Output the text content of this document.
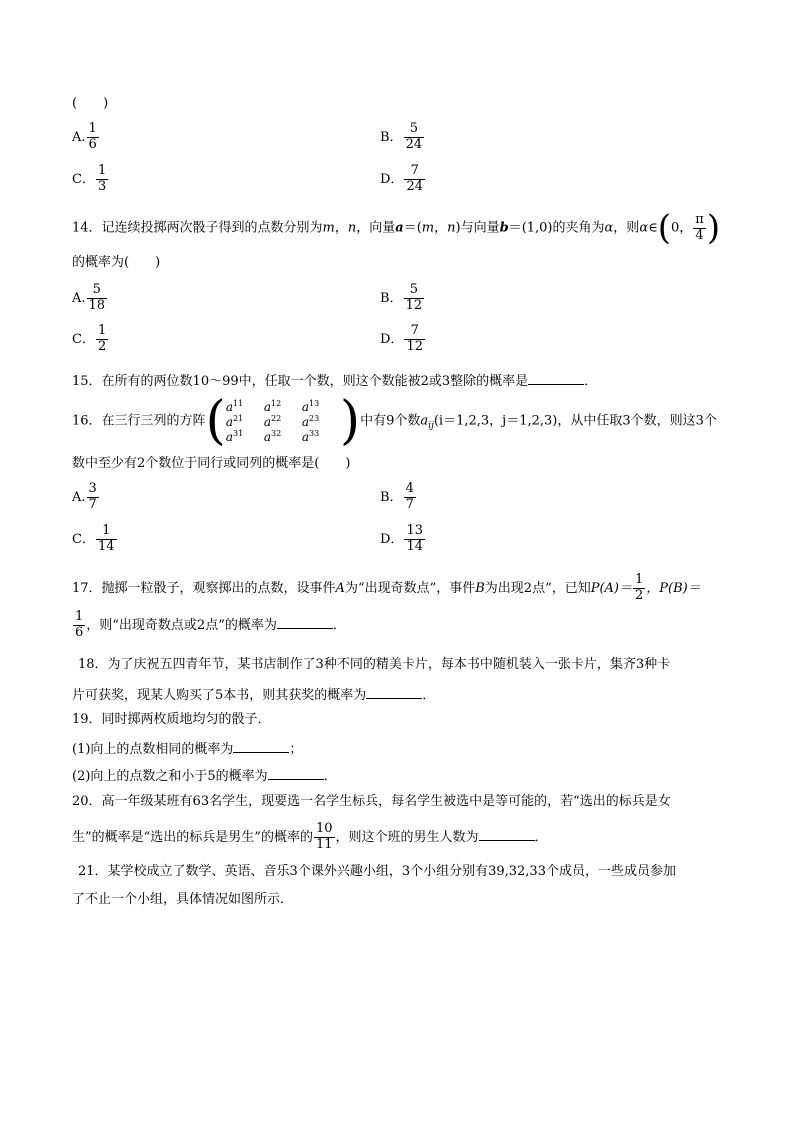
(　　)
A. $\frac{1}{6}$	B． $\frac{5}{24}$
C． $\frac{1}{3}$	D． $\frac{7}{24}$
14．记连续投掷两次骰子得到的点数分别为m，n，向量a＝(m，n)与向量b＝(1,0)的夹角为α，则α∈(0， $\frac{\pi}{4}$ )
的概率为(　　)
A. $\frac{5}{18}$	B． $\frac{5}{12}$
C． $\frac{1}{2}$	D． $\frac{7}{12}$
15．在所有的两位数10～99中，任取一个数，则这个数能被2或3整除的概率是	．
16．在三行三列的方阵 ( $a^{11}$	$a^{12}$	$a^{13}$
$a^{21}$	$a^{22}$	$a^{23}$
$a^{31}$	$a^{32}$	$a^{33}$ ) 中有9个数$a_{ij}(i=1,2,3$，j＝1,2,3)，从中任取3个数，则这3个
数中至少有2个数位于同行或同列的概率是(　　)
A. $\frac{3}{7}$	B． $\frac{4}{7}$
C． $\frac{1}{14}$	D． $\frac{13}{14}$
17．抛掷一粒骰子，观察掷出的点数，设事件A为“出现奇数点”，事件B为出现2点”，已知$P(A)= \frac{1}{2}$ ，P(B)＝
$\frac{1}{6}$ ，则“出现奇数点或2点”的概率为	．
18．为了庆祝五四青年节，某书店制作了3种不同的精美卡片，每本书中随机装入一张卡片，集齐3种卡
片可获奖，现某人购买了5本书，则其获奖的概率为	．
19．同时掷两枚质地均匀的骰子．
(1)向上的点数相同的概率为	；
(2)向上的点数之和小于5的概率为	．
20．高一年级某班有63名学生，现要选一名学生标兵，每名学生被选中是等可能的，若“选出的标兵是女
生”的概率是“选出的标兵是男生”的概率的 $\frac{10}{11}$ ，则这个班的男生人数为	．
21．某学校成立了数学、英语、音乐3个课外兴趣小组，3个小组分别有39,32,33个成员，一些成员参加
了不止一个小组，具体情况如图所示．
